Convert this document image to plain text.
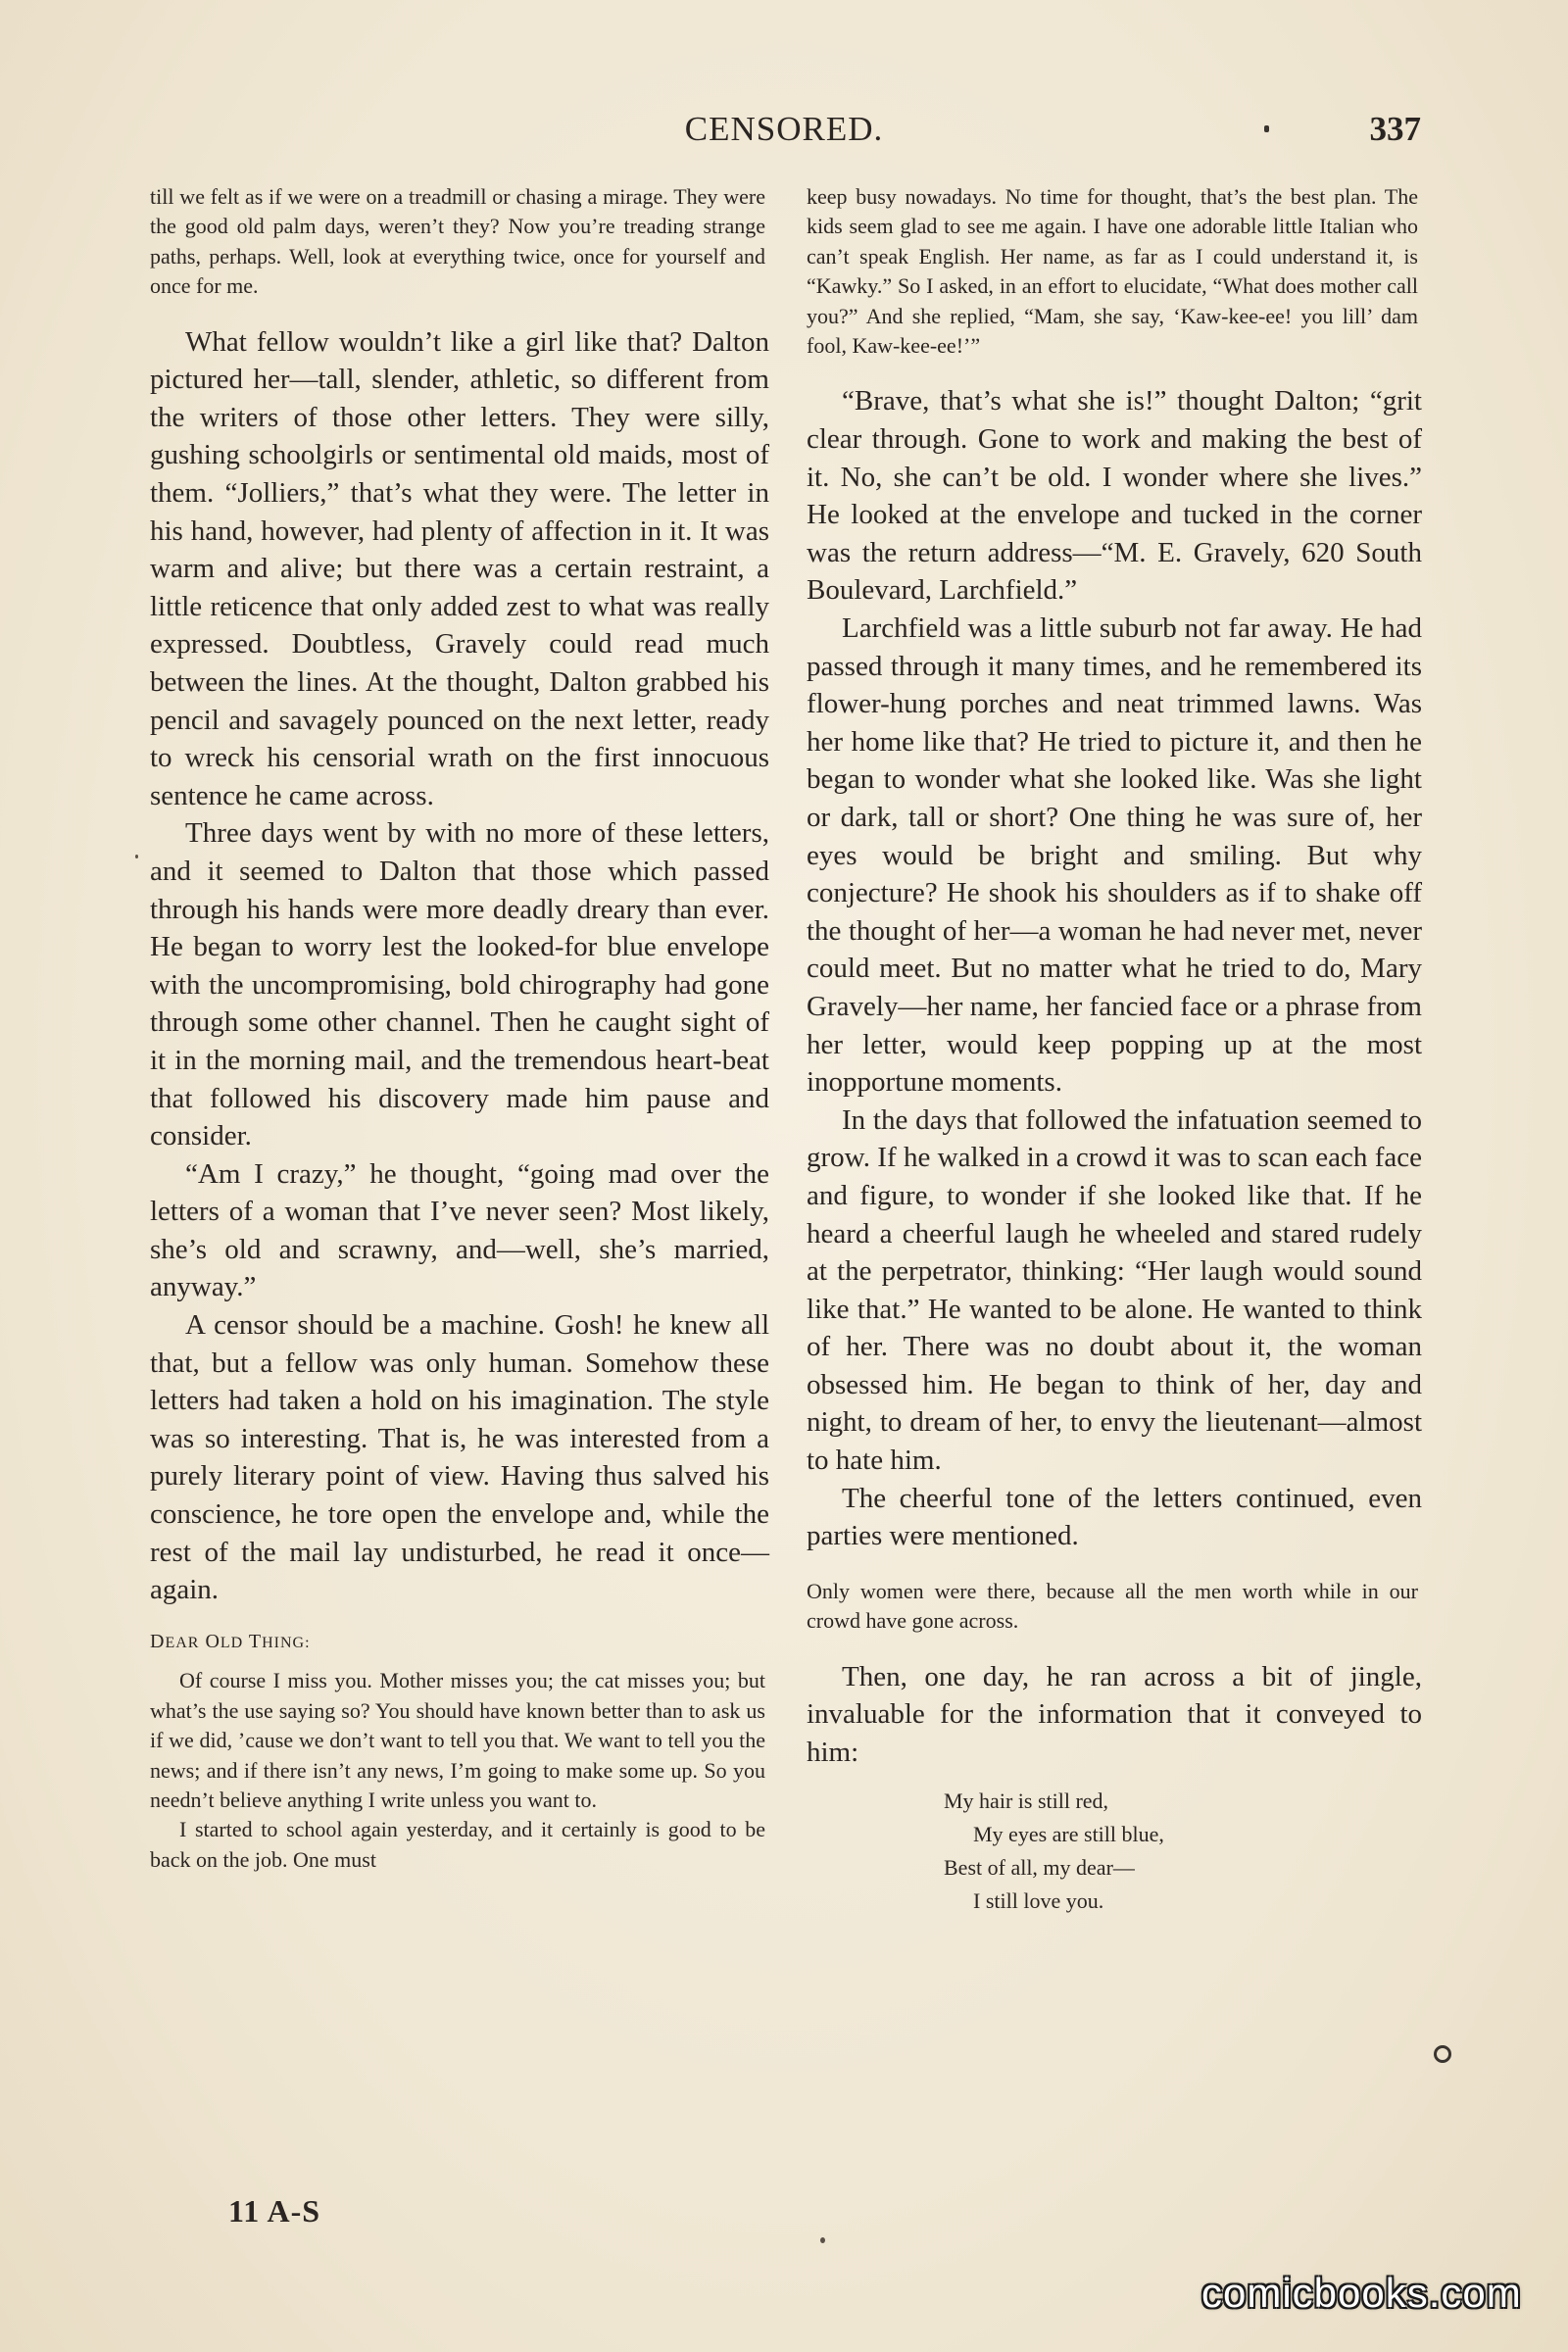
CENSORED.	337

till we felt as if we were on a treadmill or chasing a mirage. They were the good old palm days, weren’t they? Now you’re treading strange paths, perhaps. Well, look at everything twice, once for yourself and once for me.

What fellow wouldn’t like a girl like that? Dalton pictured her—tall, slender, athletic, so different from the writers of those other letters. They were silly, gushing schoolgirls or sentimental old maids, most of them. “Jolliers,” that’s what they were. The letter in his hand, however, had plenty of affection in it. It was warm and alive; but there was a certain restraint, a little reticence that only added zest to what was really expressed. Doubtless, Gravely could read much between the lines. At the thought, Dalton grabbed his pencil and savagely pounced on the next letter, ready to wreck his censorial wrath on the first innocuous sentence he came across.

Three days went by with no more of these letters, and it seemed to Dalton that those which passed through his hands were more deadly dreary than ever. He began to worry lest the looked-for blue envelope with the uncompromising, bold chirography had gone through some other channel. Then he caught sight of it in the morning mail, and the tremendous heart-beat that followed his discovery made him pause and consider.

“Am I crazy,” he thought, “going mad over the letters of a woman that I’ve never seen? Most likely, she’s old and scrawny, and—well, she’s married, anyway.”

A censor should be a machine. Gosh! he knew all that, but a fellow was only human. Somehow these letters had taken a hold on his imagination. The style was so interesting. That is, he was interested from a purely literary point of view. Having thus salved his conscience, he tore open the envelope and, while the rest of the mail lay undisturbed, he read it once—again.

DEAR OLD THING:

Of course I miss you. Mother misses you; the cat misses you; but what’s the use saying so? You should have known better than to ask us if we did, ’cause we don’t want to tell you that. We want to tell you the news; and if there isn’t any news, I’m going to make some up. So you needn’t believe anything I write unless you want to.

I started to school again yesterday, and it certainly is good to be back on the job. One must

keep busy nowadays. No time for thought, that’s the best plan. The kids seem glad to see me again. I have one adorable little Italian who can’t speak English. Her name, as far as I could understand it, is “Kawky.” So I asked, in an effort to elucidate, “What does mother call you?” And she replied, “Mam, she say, ‘Kaw-kee-ee! you lill’ dam fool, Kaw-kee-ee!’”

“Brave, that’s what she is!” thought Dalton; “grit clear through. Gone to work and making the best of it. No, she can’t be old. I wonder where she lives.” He looked at the envelope and tucked in the corner was the return address—“M. E. Gravely, 620 South Boulevard, Larchfield.”

Larchfield was a little suburb not far away. He had passed through it many times, and he remembered its flower-hung porches and neat trimmed lawns. Was her home like that? He tried to picture it, and then he began to wonder what she looked like. Was she light or dark, tall or short? One thing he was sure of, her eyes would be bright and smiling. But why conjecture? He shook his shoulders as if to shake off the thought of her—a woman he had never met, never could meet. But no matter what he tried to do, Mary Gravely—her name, her fancied face or a phrase from her letter, would keep popping up at the most inopportune moments.

In the days that followed the infatuation seemed to grow. If he walked in a crowd it was to scan each face and figure, to wonder if she looked like that. If he heard a cheerful laugh he wheeled and stared rudely at the perpetrator, thinking: “Her laugh would sound like that.” He wanted to be alone. He wanted to think of her. There was no doubt about it, the woman obsessed him. He began to think of her, day and night, to dream of her, to envy the lieutenant—almost to hate him.

The cheerful tone of the letters continued, even parties were mentioned.

Only women were there, because all the men worth while in our crowd have gone across.

Then, one day, he ran across a bit of jingle, invaluable for the information that it conveyed to him:

My hair is still red,
My eyes are still blue,
Best of all, my dear—
I still love you.
11 A-S
comicbooks.com
